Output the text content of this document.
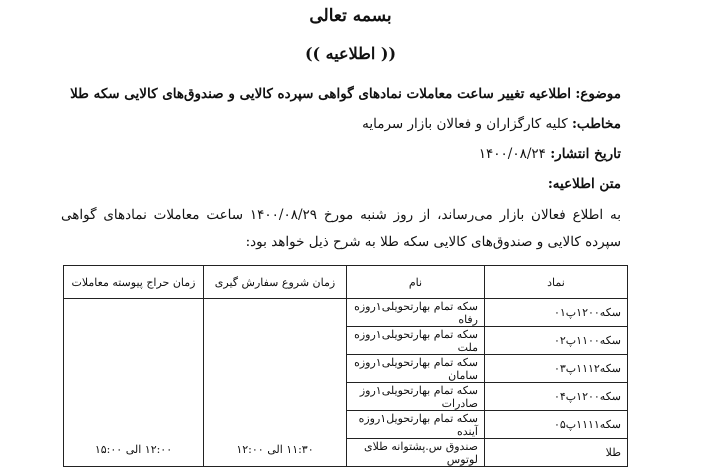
بسمه تعالی
(( اطلاعیه ))
موضوع: اطلاعیه تغییر ساعت معاملات نمادهای گواهی سپرده کالایی و صندوق‌های کالایی سکه طلا
مخاطب: کلیه کارگزاران و فعالان بازار سرمایه
تاریخ انتشار: ۱۴۰۰/۰۸/۲۴
متن اطلاعیه:
به اطلاع فعالان بازار می‌رساند، از روز شنبه مورخ ۱۴۰۰/۰۸/۲۹ ساعت معاملات نمادهای گواهی سپرده کالایی و صندوق‌های کالایی سکه طلا به شرح ذیل خواهد بود:
نماد	نام	زمان شروع سفارش گیری	زمان حراج پیوسته معاملات
سکه۱۲۰۰پ۰۱	سکه تمام بهارتحویلی۱روزه رفاه	۱۱:۳۰ الی ۱۲:۰۰	۱۲:۰۰ الی ۱۵:۰۰
سکه۱۱۰۰پ۰۲	سکه تمام بهارتحویلی۱روزه ملت		
سکه۱۱۱۲پ۰۳	سکه تمام بهارتحویلی۱روزه سامان		
سکه۱۲۰۰پ۰۴	سکه تمام بهارتحویلی۱روز صادرات		
سکه۱۱۱۱پ۰۵	سکه تمام بهارتحویل۱روزه آینده		
طلا	صندوق س.پشتوانه طلای لوتوس		
